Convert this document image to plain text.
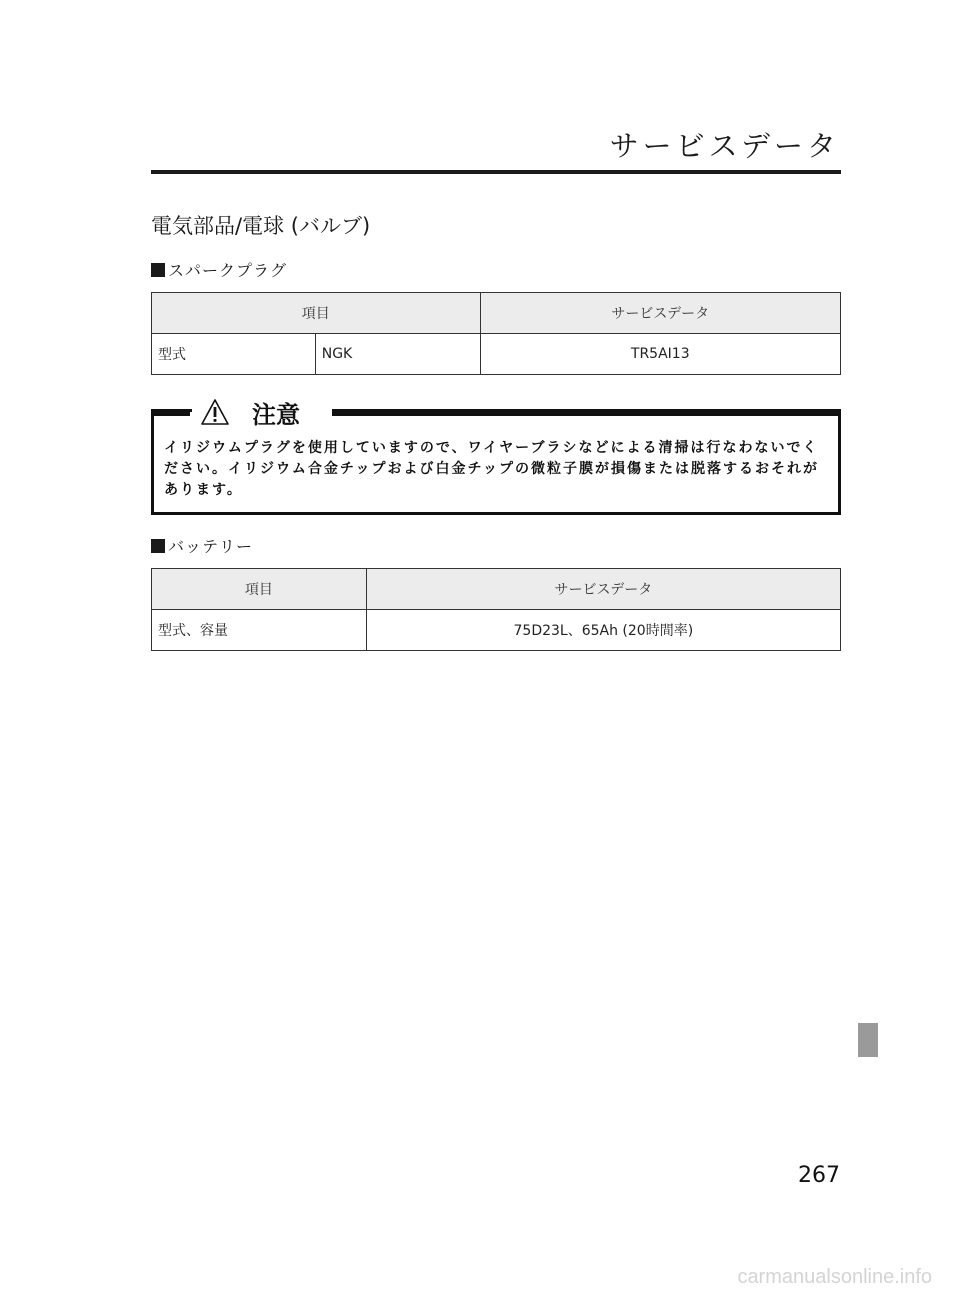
サービスデータ
電気部品/電球 (バルブ)
スパークプラグ
項目		サービスデータ
型式	NGK	TR5AI13
注意
イリジウムプラグを使用していますので、ワイヤーブラシなどによる清掃は行なわないでください。イリジウム合金チップおよび白金チップの微粒子膜が損傷または脱落するおそれがあります。
バッテリー
項目	サービスデータ
型式、容量	75D23L、65Ah (20時間率)
267
carmanualsonline.info
